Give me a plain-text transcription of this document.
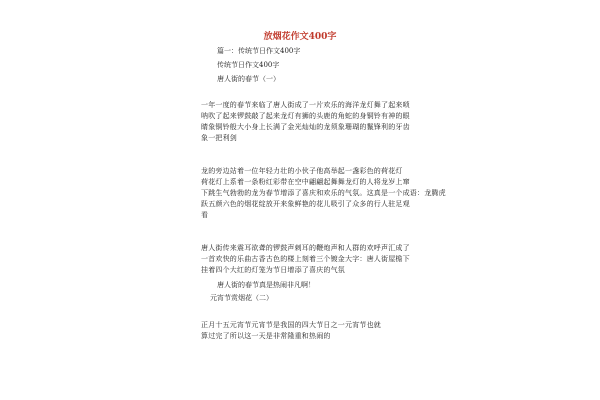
放烟花作文400字
篇一：传统节日作文400字
传统节日作文400字
唐人街的春节（一）
一年一度的春节来临了唐人街成了一片欢乐的海洋龙灯舞了起来唢
呐吹了起来锣鼓敲了起来龙灯有狮的头鹿的角蛇的身铜铃有神的眼
睛象铜铃般大小身上长满了金光灿灿的龙须象珊瑚的鬣锋利的牙齿
象一把利剑
龙的旁边站着一位年轻力壮的小伙子他高举起一盏彩色的荷花灯
荷花灯上系着一条粉红彩带在空中翩翩起舞舞龙灯的人将龙岁上窜
下跳生气勃勃的龙为春节增添了喜庆和欢乐的气氛。这真是一个成语：龙腾虎
跃五颜六色的烟花绽放开来象鲜艳的花儿吸引了众多的行人驻足观
看
唐人街传来震耳欲聋的锣鼓声刺耳的鞭炮声和人群的欢呼声汇成了
一首欢快的乐曲古香古色的楼上刻着三个镀金大字：唐人街屋檐下
挂着四个大红的灯笼为节日增添了喜庆的气氛
唐人街的春节真是热闹非凡啊！
元宵节赏烟花（二）
正月十五元宵节元宵节是我国的四大节日之一元宵节也就
算过完了所以这一天是非常隆重和热闹的
